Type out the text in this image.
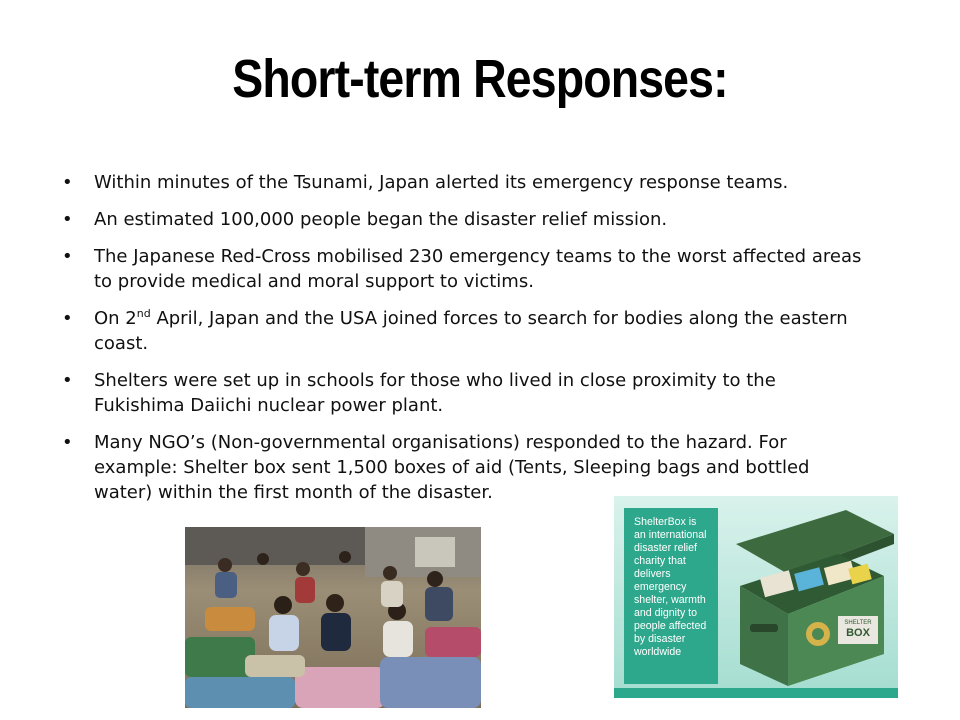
Short-term Responses:
• Within minutes of the Tsunami, Japan alerted its emergency response teams.
• An estimated 100,000 people began the disaster relief mission.
• The Japanese Red-Cross mobilised 230 emergency teams to the worst affected areas to provide medical and moral support to victims.
• On 2nd April, Japan and the USA joined forces to search for bodies along the eastern coast.
• Shelters were set up in schools for those who lived in close proximity to the Fukishima Daiichi nuclear power plant.
• Many NGO’s (Non-governmental organisations) responded to the hazard. For example: Shelter box sent 1,500 boxes of aid (Tents, Sleeping bags and bottled water) within the first month of the disaster.
ShelterBox is an international disaster relief charity that delivers emergency shelter, warmth and dignity to people affected by disaster worldwide
SHELTER
BOX
